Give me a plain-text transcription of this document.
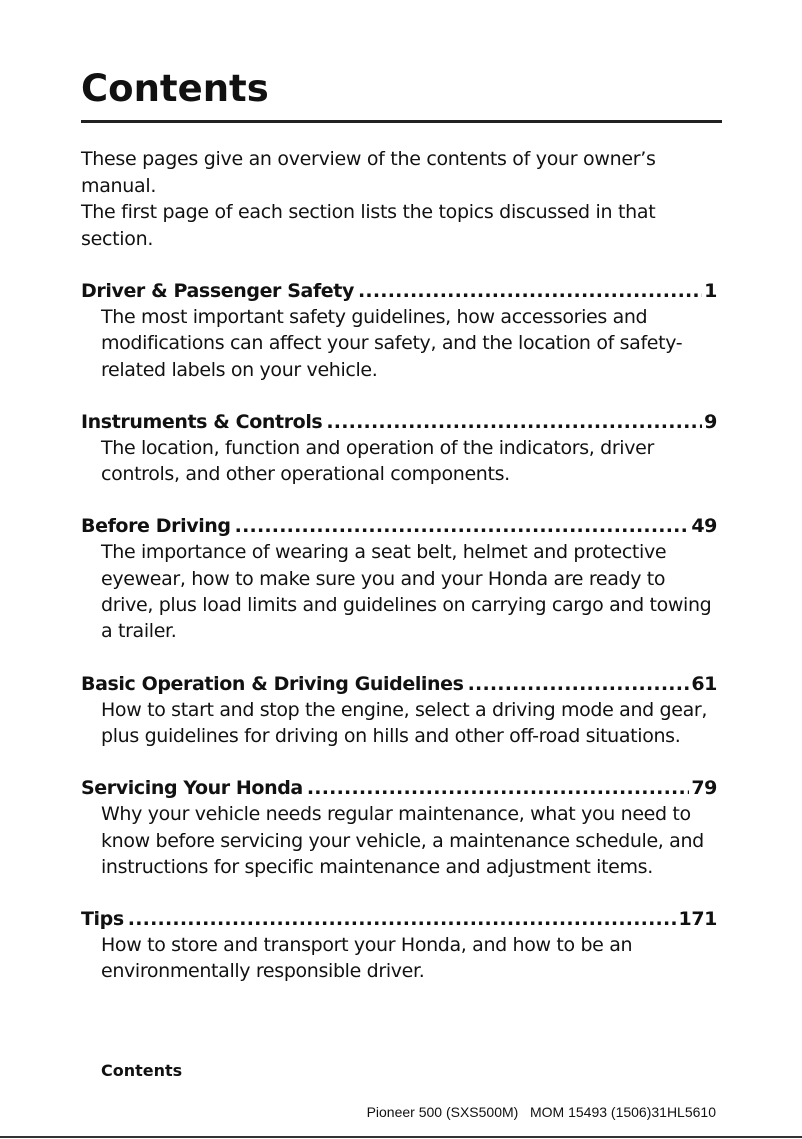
Contents

These pages give an overview of the contents of your owner’s manual.

The first page of each section lists the topics discussed in that section.

Driver & Passenger Safety . . .	1

The most important safety guidelines, how accessories and modifications can affect your safety, and the location of safety-related labels on your vehicle.

Instruments & Controls . . .	9

The location, function and operation of the indicators, driver controls, and other operational components.

Before Driving . . .	49

The importance of wearing a seat belt, helmet and protective eyewear, how to make sure you and your Honda are ready to drive, plus load limits and guidelines on carrying cargo and towing a trailer.

Basic Operation & Driving Guidelines . . .	61

How to start and stop the engine, select a driving mode and gear, plus guidelines for driving on hills and other off-road situations.

Servicing Your Honda . . .	79

Why your vehicle needs regular maintenance, what you need to know before servicing your vehicle, a maintenance schedule, and instructions for specific maintenance and adjustment items.

Tips . . .	171

How to store and transport your Honda, and how to be an environmentally responsible driver.

Contents
Pioneer 500 (SXS500M)   MOM 15493 (1506)31HL5610
